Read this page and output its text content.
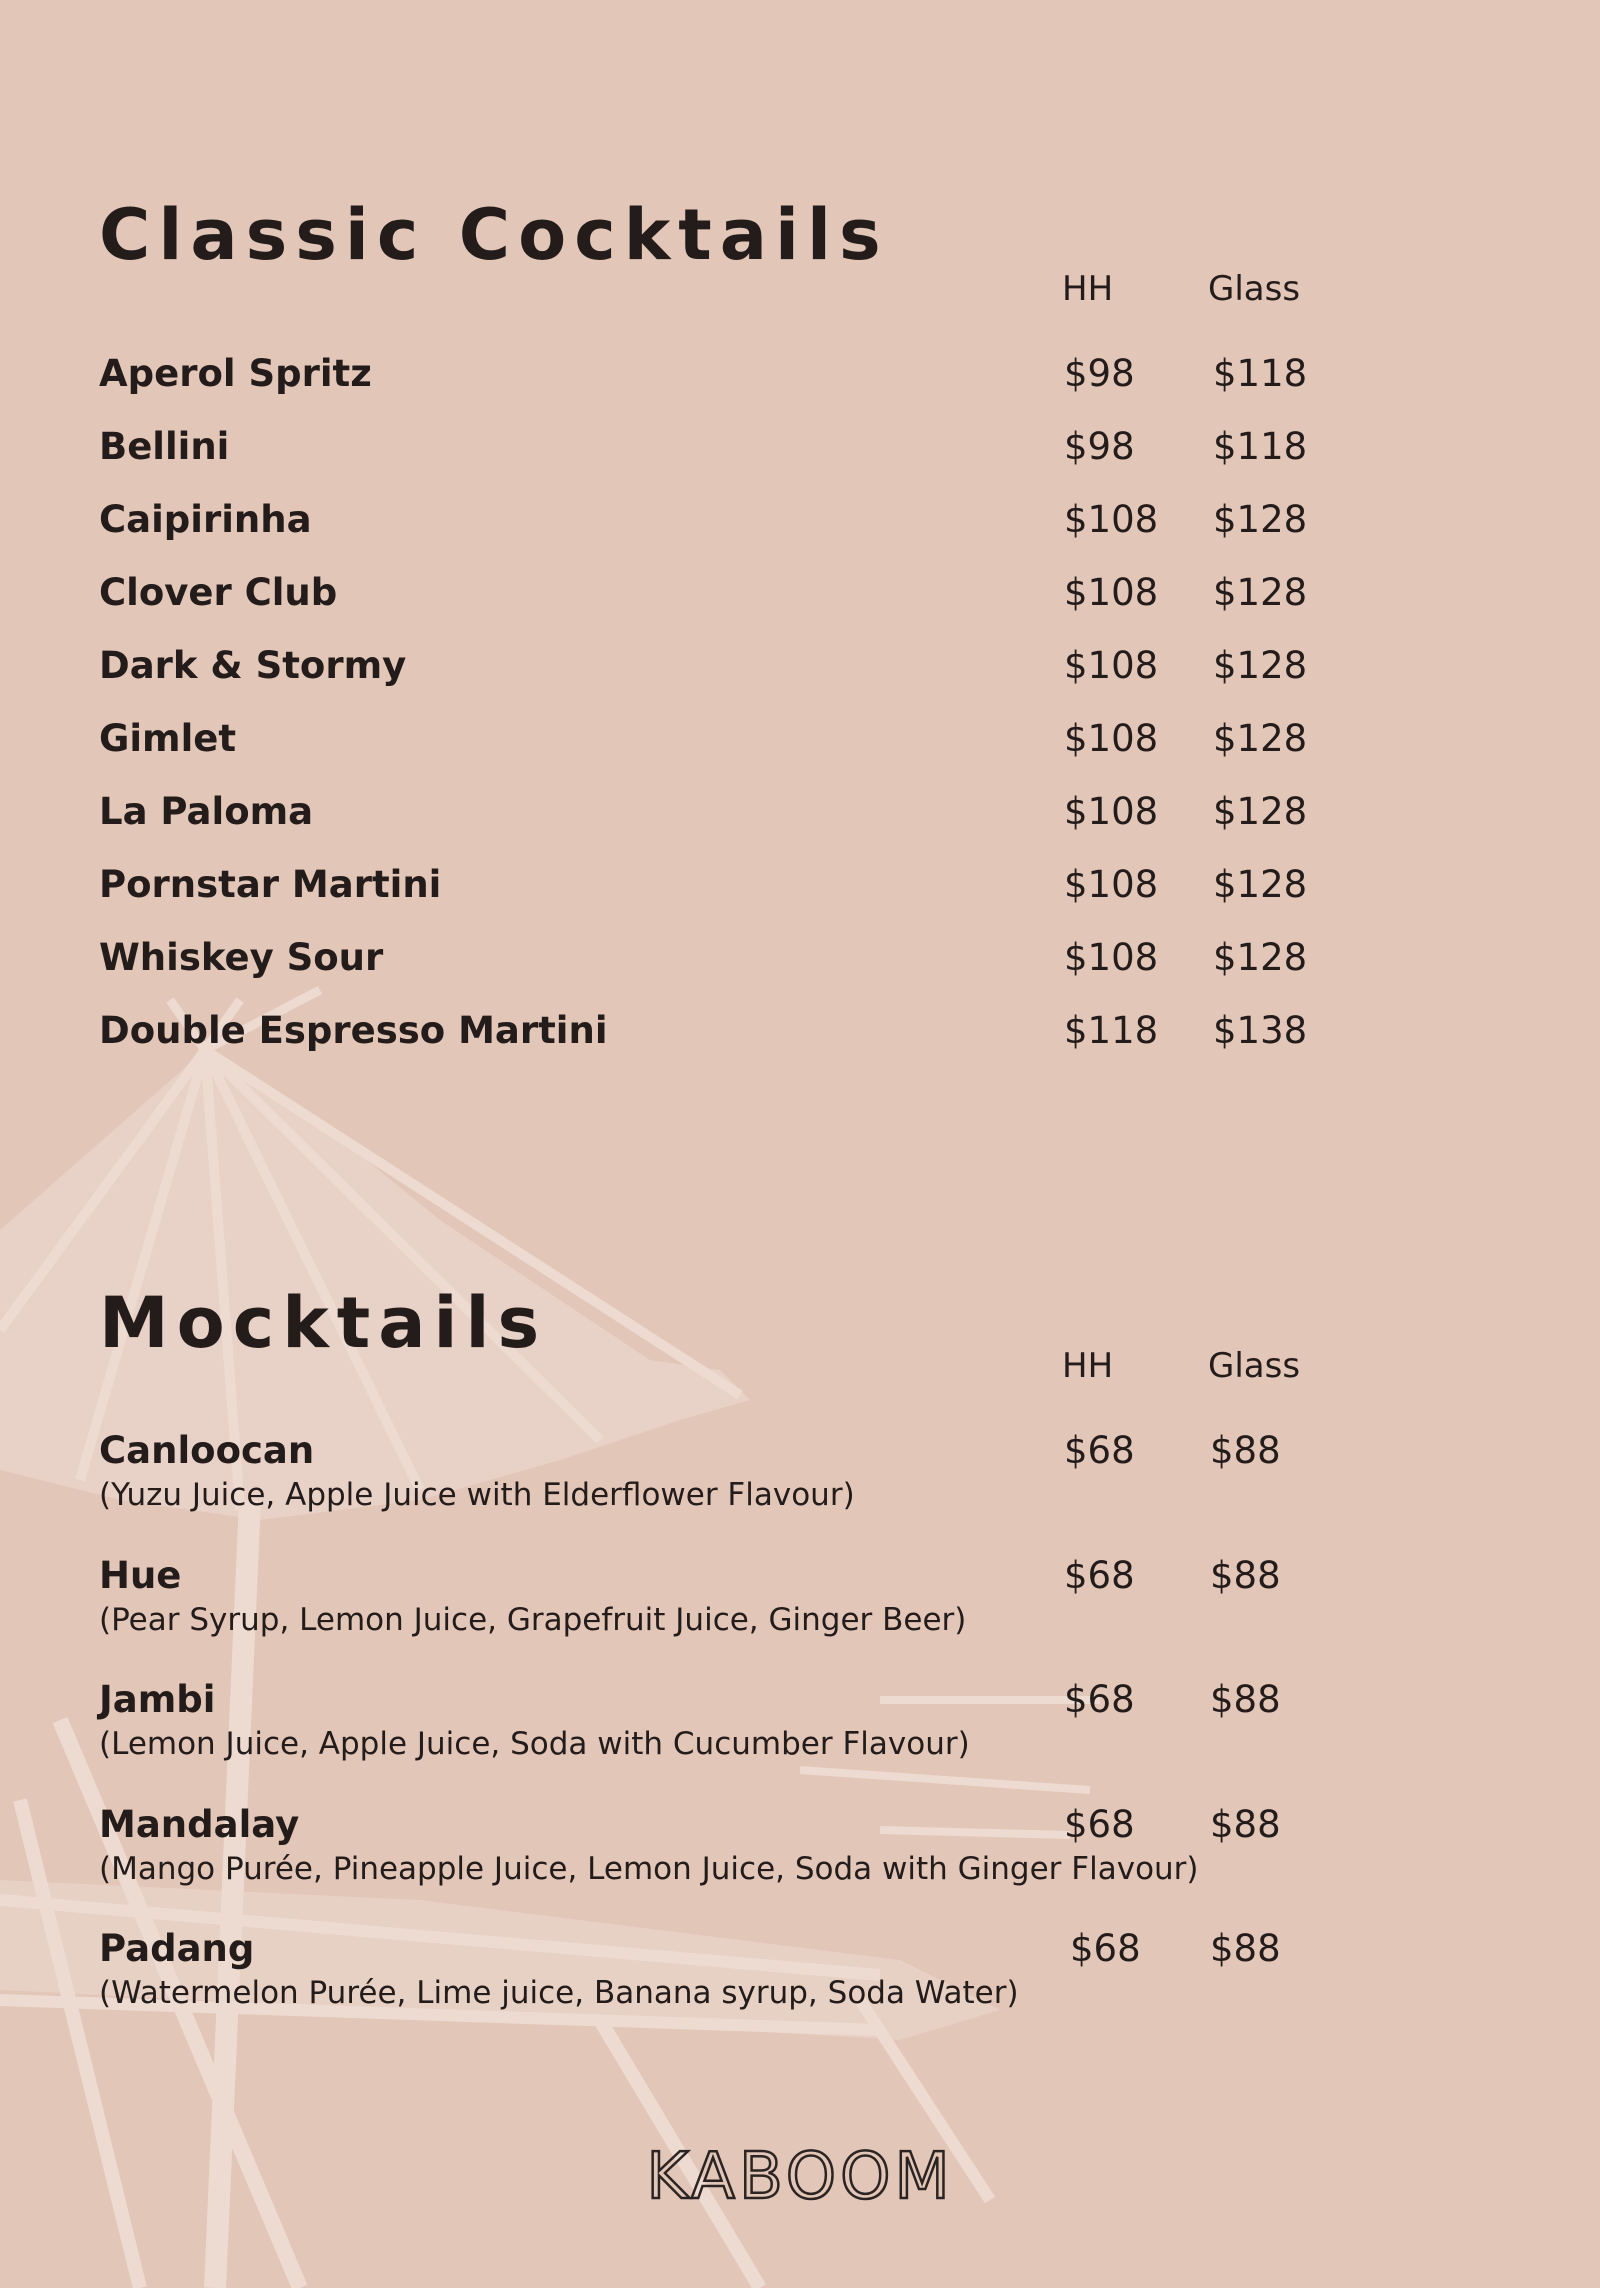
Classic Cocktails
HH	Glass
Aperol Spritz	$98 $118
Bellini	$98 $118
Caipirinha	$108 $128
Clover Club	$108 $128
Dark & Stormy	$108 $128
Gimlet	$108 $128
La Paloma	$108 $128
Pornstar Martini	$108 $128
Whiskey Sour	$108 $128
Double Espresso Martini	$118 $138
Mocktails
HH	Glass
Canloocan
(Yuzu Juice, Apple Juice with Elderflower Flavour)
$68 $88
Hue
(Pear Syrup, Lemon Juice, Grapefruit Juice, Ginger Beer)
$68 $88
Jambi
(Lemon Juice, Apple Juice, Soda with Cucumber Flavour)
$68 $88
Mandalay
(Mango Purée, Pineapple Juice, Lemon Juice, Soda with Ginger Flavour)
$68 $88
Padang
(Watermelon Purée, Lime juice, Banana syrup, Soda Water)
$68 $88
KABOOM
